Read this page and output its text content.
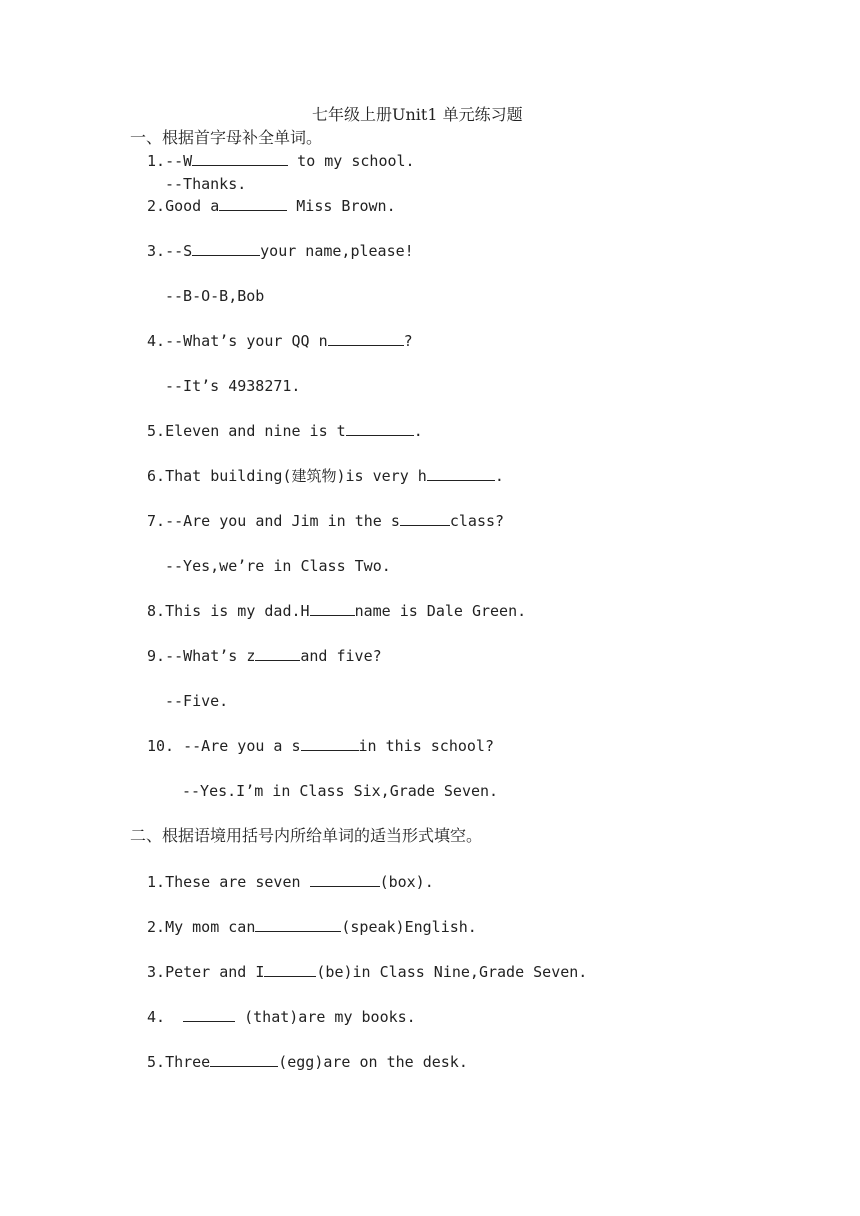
七年级上册Unit1 单元练习题
一、根据首字母补全单词。
1.--W	to my school.
--Thanks.
2.Good a	Miss Brown.
3.--S	your name,please!
--B-O-B,Bob
4.--What’s your QQ n	?
--It’s 4938271.
5.Eleven and nine is t	.
6.That building(建筑物)is very h	.
7.--Are you and Jim in the s	class?
--Yes,we’re in Class Two.
8.This is my dad.H	name is Dale Green.
9.--What’s z	and five?
--Five.
10. --Are you a s	in this school?
--Yes.I’m in Class Six,Grade Seven.
二、根据语境用括号内所给单词的适当形式填空。
1.These are seven	(box).
2.My mom can	(speak)English.
3.Peter and I	(be)in Class Nine,Grade Seven.
4.	(that)are my books.
5.Three	(egg)are on the desk.
